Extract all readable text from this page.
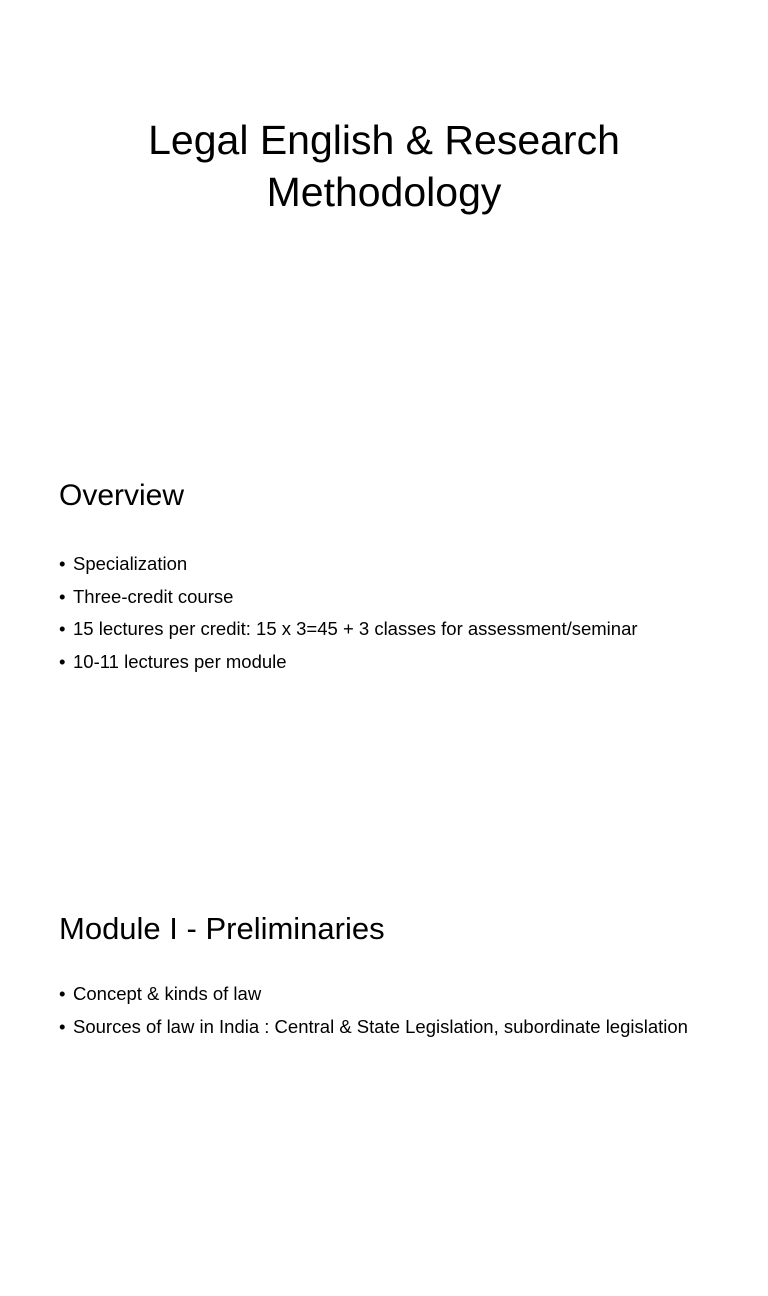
Legal English & Research
Methodology
Overview
• Specialization
• Three-credit course
• 15 lectures per credit: 15 x 3=45 + 3 classes for assessment/seminar
• 10-11 lectures per module
Module I - Preliminaries
• Concept & kinds of law
• Sources of law in India : Central & State Legislation, subordinate legislation
